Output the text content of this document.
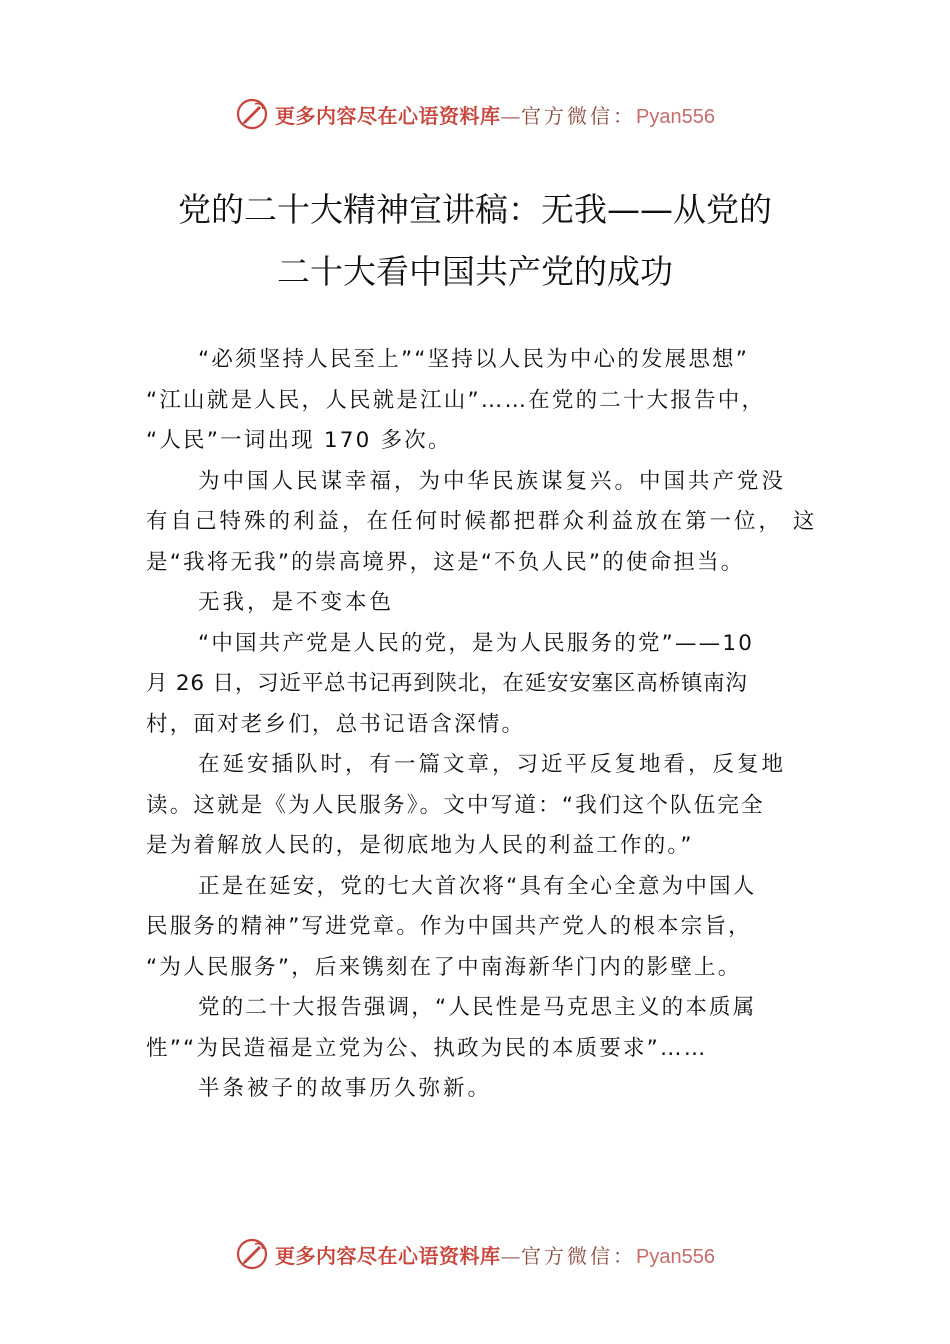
更多内容尽在心语资料库—官方微信：Pyan556
党的二十大精神宣讲稿：无我——从党的
二十大看中国共产党的成功
“必须坚持人民至上”“坚持以人民为中心的发展思想”
“江山就是人民，人民就是江山”……在党的二十大报告中，
“人民”一词出现 170 多次。
为中国人民谋幸福，为中华民族谋复兴。中国共产党没
有自己特殊的利益，在任何时候都把群众利益放在第一位， 这
是“我将无我”的崇高境界，这是“不负人民”的使命担当。
无我，是不变本色
“中国共产党是人民的党，是为人民服务的党”——10
月 26 日，习近平总书记再到陕北，在延安安塞区高桥镇南沟
村，面对老乡们，总书记语含深情。
在延安插队时，有一篇文章，习近平反复地看，反复地
读。这就是《为人民服务》。文中写道：“我们这个队伍完全
是为着解放人民的，是彻底地为人民的利益工作的。”
正是在延安，党的七大首次将“具有全心全意为中国人
民服务的精神”写进党章。作为中国共产党人的根本宗旨，
“为人民服务”，后来镌刻在了中南海新华门内的影壁上。
党的二十大报告强调，“人民性是马克思主义的本质属
性”“为民造福是立党为公、执政为民的本质要求”……
半条被子的故事历久弥新。
更多内容尽在心语资料库—官方微信：Pyan556
